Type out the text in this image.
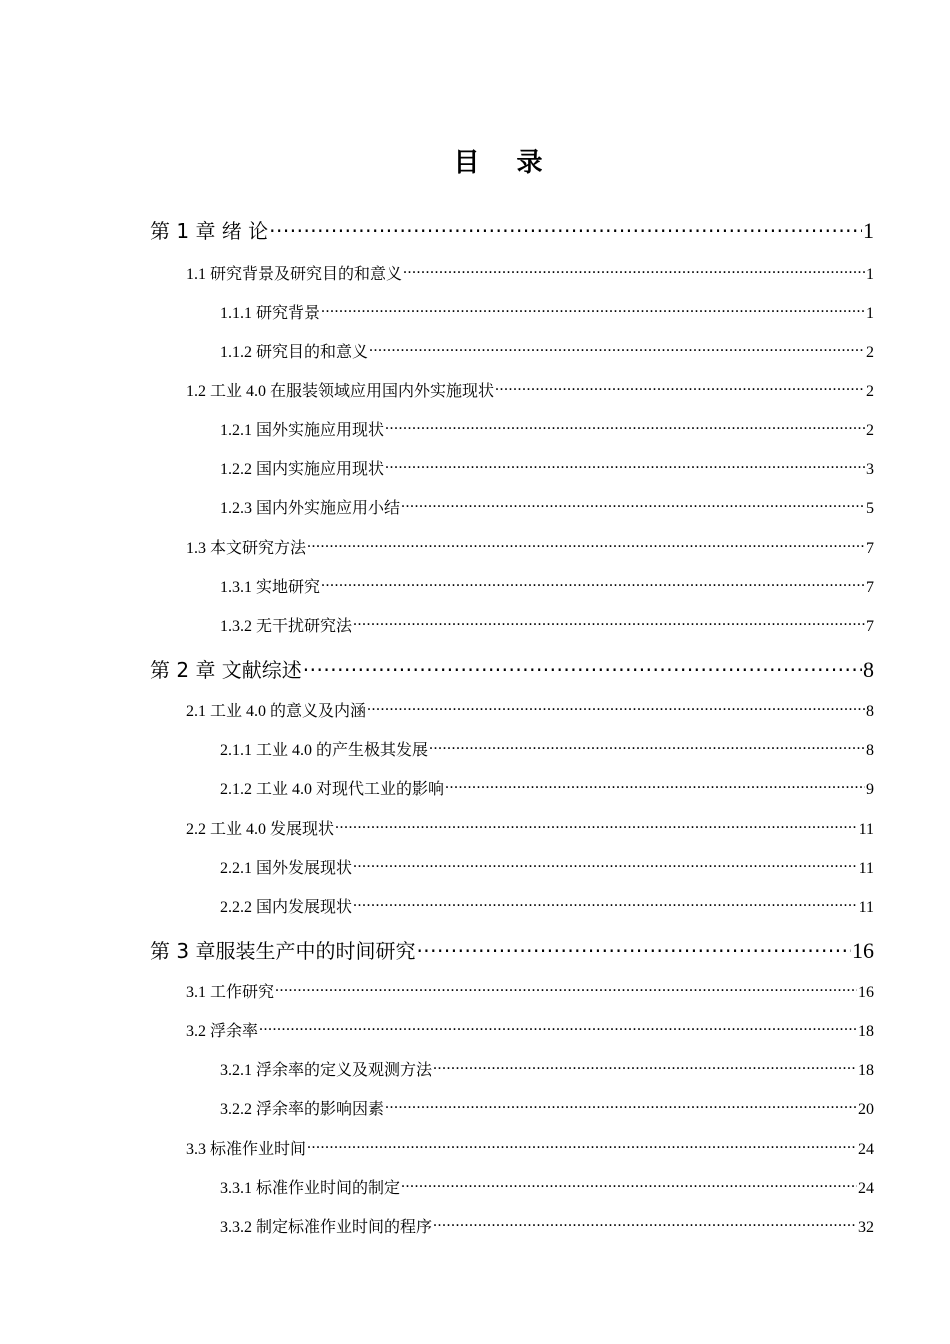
目 录
第 1 章 绪 论 .....	1
1.1 研究背景及研究目的和意义 .....	1
1.1.1 研究背景 .....	1
1.1.2 研究目的和意义 .....	2
1.2 工业 4.0 在服装领域应用国内外实施现状 .....	2
1.2.1 国外实施应用现状 .....	2
1.2.2 国内实施应用现状 .....	3
1.2.3 国内外实施应用小结 .....	5
1.3 本文研究方法 .....	7
1.3.1 实地研究 .....	7
1.3.2 无干扰研究法 .....	7
第 2 章 文献综述 .....	8
2.1 工业 4.0 的意义及内涵 .....	8
2.1.1 工业 4.0 的产生极其发展 .....	8
2.1.2 工业 4.0 对现代工业的影响 .....	9
2.2 工业 4.0 发展现状 .....	11
2.2.1 国外发展现状 .....	11
2.2.2 国内发展现状 .....	11
第 3 章服装生产中的时间研究 .....	16
3.1 工作研究 .....	16
3.2 浮余率 .....	18
3.2.1 浮余率的定义及观测方法 .....	18
3.2.2 浮余率的影响因素 .....	20
3.3 标准作业时间 .....	24
3.3.1 标准作业时间的制定 .....	24
3.3.2 制定标准作业时间的程序 .....	32
